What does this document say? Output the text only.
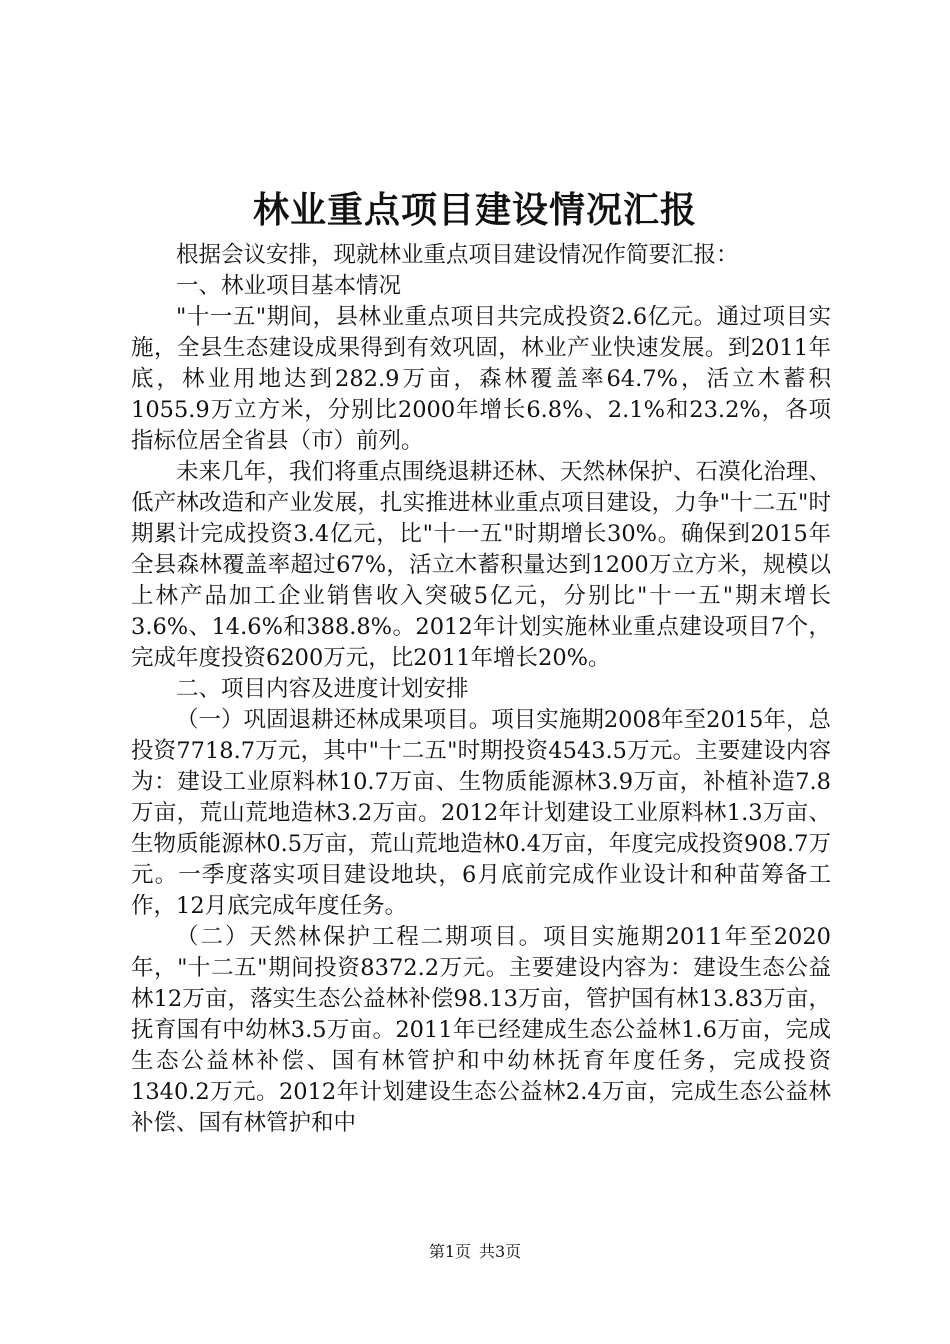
林业重点项目建设情况汇报

根据会议安排，现就林业重点项目建设情况作简要汇报：

一、林业项目基本情况

"十一五"期间，县林业重点项目共完成投资2.6亿元。通过项目实施，全县生态建设成果得到有效巩固，林业产业快速发展。到2011年底，林业用地达到282.9万亩，森林覆盖率64.7%，活立木蓄积1055.9万立方米，分别比2000年增长6.8%、2.1%和23.2%，各项指标位居全省县（市）前列。

未来几年，我们将重点围绕退耕还林、天然林保护、石漠化治理、低产林改造和产业发展，扎实推进林业重点项目建设，力争"十二五"时期累计完成投资3.4亿元，比"十一五"时期增长30%。确保到2015年全县森林覆盖率超过67%，活立木蓄积量达到1200万立方米，规模以上林产品加工企业销售收入突破5亿元，分别比"十一五"期末增长3.6%、14.6%和388.8%。2012年计划实施林业重点建设项目7个，完成年度投资6200万元，比2011年增长20%。

二、项目内容及进度计划安排

（一）巩固退耕还林成果项目。项目实施期2008年至2015年，总投资7718.7万元，其中"十二五"时期投资4543.5万元。主要建设内容为：建设工业原料林10.7万亩、生物质能源林3.9万亩，补植补造7.8万亩，荒山荒地造林3.2万亩。2012年计划建设工业原料林1.3万亩、生物质能源林0.5万亩，荒山荒地造林0.4万亩，年度完成投资908.7万元。一季度落实项目建设地块，6月底前完成作业设计和种苗筹备工作，12月底完成年度任务。

（二）天然林保护工程二期项目。项目实施期2011年至2020年，"十二五"期间投资8372.2万元。主要建设内容为：建设生态公益林12万亩，落实生态公益林补偿98.13万亩，管护国有林13.83万亩，抚育国有中幼林3.5万亩。2011年已经建成生态公益林1.6万亩，完成生态公益林补偿、国有林管护和中幼林抚育年度任务，完成投资1340.2万元。2012年计划建设生态公益林2.4万亩，完成生态公益林补偿、国有林管护和中

第1页 共3页
